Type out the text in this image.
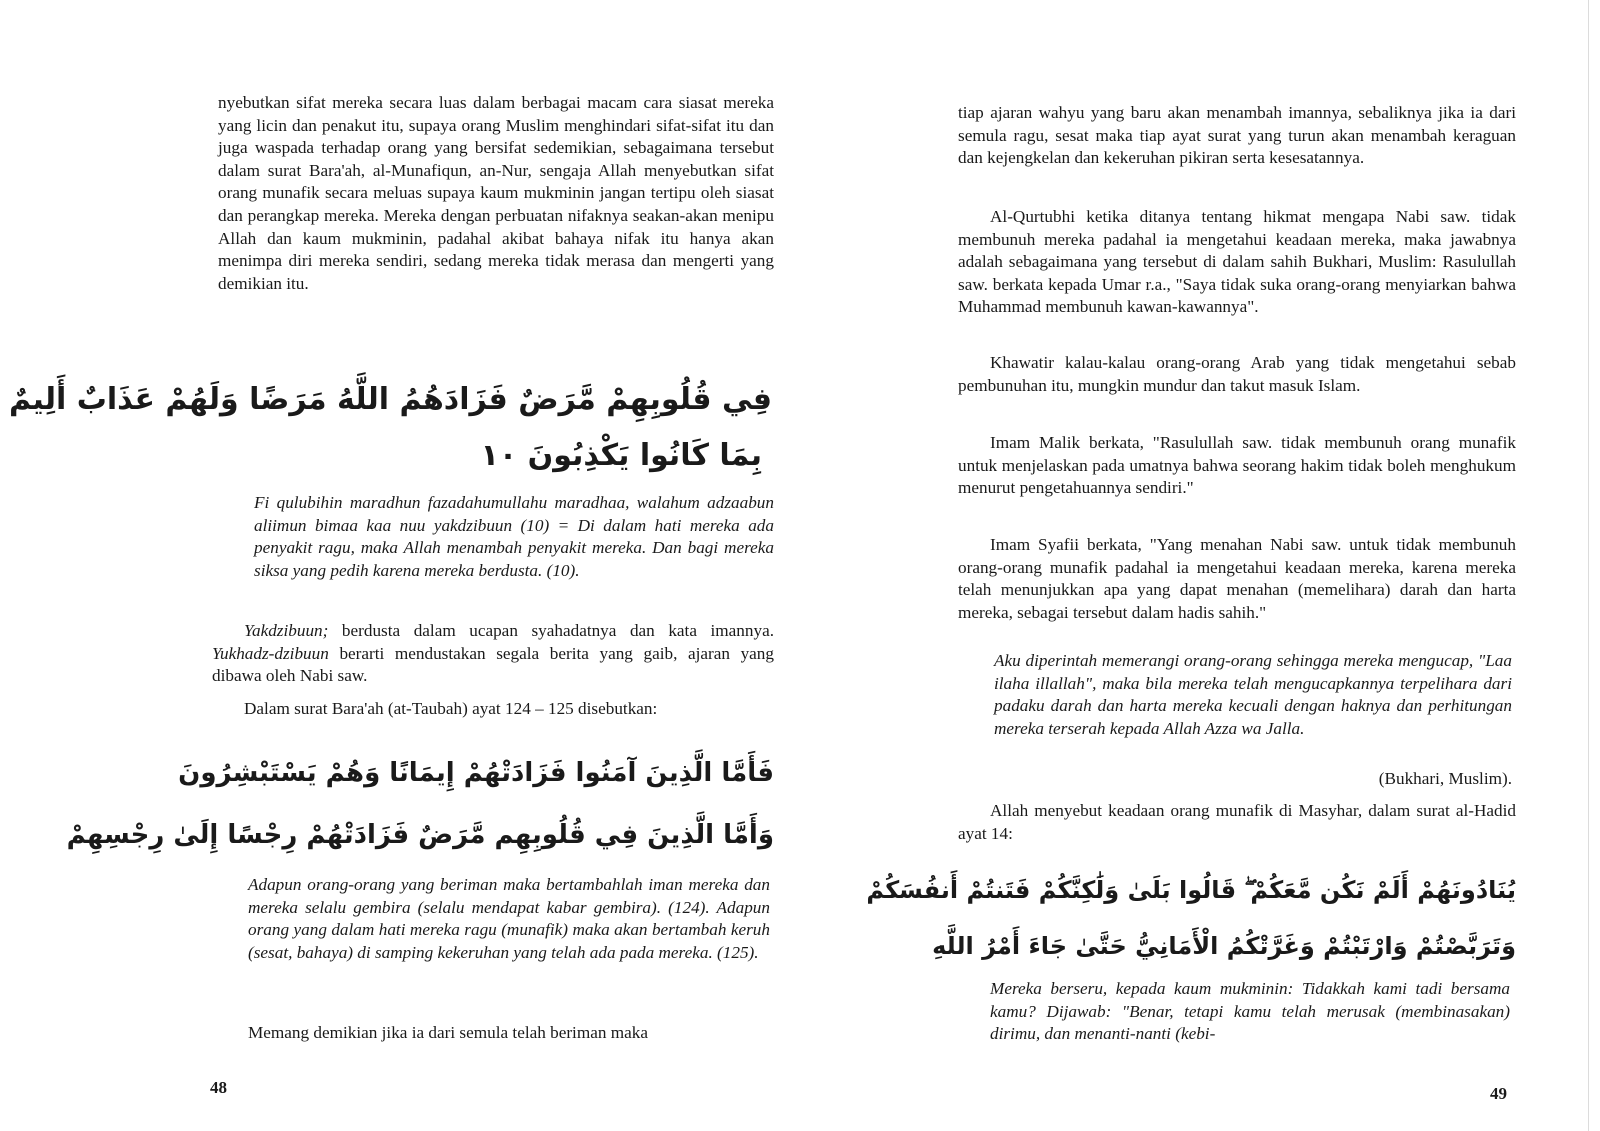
nyebutkan sifat mereka secara luas dalam berbagai macam cara siasat mereka yang licin dan penakut itu, supaya orang Muslim menghindari sifat-sifat itu dan juga waspada terhadap orang yang bersifat sedemikian, sebagaimana tersebut dalam surat Bara'ah, al-Munafiqun, an-Nur, sengaja Allah menyebutkan sifat orang munafik secara meluas supaya kaum mukminin jangan tertipu oleh siasat dan perangkap mereka. Mereka dengan perbuatan nifaknya seakan-akan menipu Allah dan kaum mukminin, padahal akibat bahaya nifak itu hanya akan menimpa diri mereka sendiri, sedang mereka tidak merasa dan mengerti yang demikian itu.

فِي قُلُوبِهِمْ مَّرَضٌ فَزَادَهُمُ اللَّهُ مَرَضًا وَلَهُمْ عَذَابٌ أَلِيمٌ
بِمَا كَانُوا يَكْذِبُونَ ١٠

Fi qulubihin maradhun fazadahumullahu maradhaa, walahum adzaabun aliimun bimaa kaa nuu yakdzibuun (10) = Di dalam hati mereka ada penyakit ragu, maka Allah menambah penyakit mereka. Dan bagi mereka siksa yang pedih karena mereka berdusta. (10).

Yakdzibuun; berdusta dalam ucapan syahadatnya dan kata imannya. Yukhadz-dzibuun berarti mendustakan segala berita yang gaib, ajaran yang dibawa oleh Nabi saw.

Dalam surat Bara'ah (at-Taubah) ayat 124 – 125 disebutkan:

فَأَمَّا الَّذِينَ آمَنُوا فَزَادَتْهُمْ إِيمَانًا وَهُمْ يَسْتَبْشِرُونَ
وَأَمَّا الَّذِينَ فِي قُلُوبِهِم مَّرَضٌ فَزَادَتْهُمْ رِجْسًا إِلَىٰ رِجْسِهِمْ

Adapun orang-orang yang beriman maka bertambahlah iman mereka dan mereka selalu gembira (selalu mendapat kabar gembira). (124). Adapun orang yang dalam hati mereka ragu (munafik) maka akan bertambah keruh (sesat, bahaya) di samping kekeruhan yang telah ada pada mereka. (125).

Memang demikian jika ia dari semula telah beriman maka

48

tiap ajaran wahyu yang baru akan menambah imannya, sebaliknya jika ia dari semula ragu, sesat maka tiap ayat surat yang turun akan menambah keraguan dan kejengkelan dan kekeruhan pikiran serta kesesatannya.

Al-Qurtubhi ketika ditanya tentang hikmat mengapa Nabi saw. tidak membunuh mereka padahal ia mengetahui keadaan mereka, maka jawabnya adalah sebagaimana yang tersebut di dalam sahih Bukhari, Muslim: Rasulullah saw. berkata kepada Umar r.a., "Saya tidak suka orang-orang menyiarkan bahwa Muhammad membunuh kawan-kawannya".

Khawatir kalau-kalau orang-orang Arab yang tidak mengetahui sebab pembunuhan itu, mungkin mundur dan takut masuk Islam.

Imam Malik berkata, "Rasulullah saw. tidak membunuh orang munafik untuk menjelaskan pada umatnya bahwa seorang hakim tidak boleh menghukum menurut pengetahuannya sendiri."

Imam Syafii berkata, "Yang menahan Nabi saw. untuk tidak membunuh orang-orang munafik padahal ia mengetahui keadaan mereka, karena mereka telah menunjukkan apa yang dapat menahan (memelihara) darah dan harta mereka, sebagai tersebut dalam hadis sahih."

Aku diperintah memerangi orang-orang sehingga mereka mengucap, "Laa ilaha illallah", maka bila mereka telah mengucapkannya terpelihara dari padaku darah dan harta mereka kecuali dengan haknya dan perhitungan mereka terserah kepada Allah Azza wa Jalla.

(Bukhari, Muslim).

Allah menyebut keadaan orang munafik di Masyhar, dalam surat al-Hadid ayat 14:

يُنَادُونَهُمْ أَلَمْ نَكُن مَّعَكُمْ ۖ قَالُوا بَلَىٰ وَلَٰكِنَّكُمْ فَتَنتُمْ أَنفُسَكُمْ
وَتَرَبَّصْتُمْ وَارْتَبْتُمْ وَغَرَّتْكُمُ الْأَمَانِيُّ حَتَّىٰ جَاءَ أَمْرُ اللَّهِ

Mereka berseru, kepada kaum mukminin: Tidakkah kami tadi bersama kamu? Dijawab: "Benar, tetapi kamu telah merusak (membinasakan) dirimu, dan menanti-nanti (kebi-

49
